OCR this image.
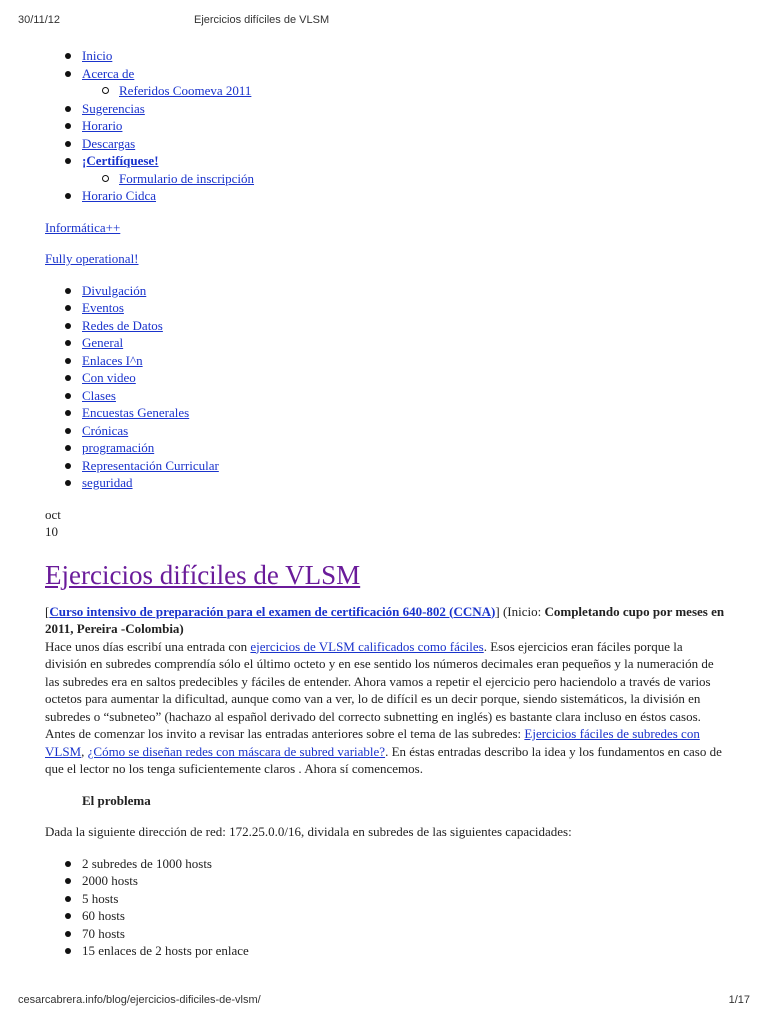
30/11/12	Ejercicios difíciles de VLSM
Inicio
Acerca de
Referidos Coomeva 2011
Sugerencias
Horario
Descargas
¡Certifíquese!
Formulario de inscripción
Horario Cidca
Informática++
Fully operational!
Divulgación
Eventos
Redes de Datos
General
Enlaces I^n
Con video
Clases
Encuestas Generales
Crónicas
programación
Representación Curricular
seguridad
oct
10
Ejercicios difíciles de VLSM

[Curso intensivo de preparación para el examen de certificación 640-802 (CCNA)] (Inicio: Completando cupo por meses en 2011, Pereira -Colombia)

Hace unos días escribí una entrada con ejercicios de VLSM calificados como fáciles. Esos ejercicios eran fáciles porque la división en subredes comprendía sólo el último octeto y en ese sentido los números decimales eran pequeños y la numeración de las subredes era en saltos predecibles y fáciles de entender. Ahora vamos a repetir el ejercicio pero haciendolo a través de varios octetos para aumentar la dificultad, aunque como van a ver, lo de difícil es un decir porque, siendo sistemáticos, la división en subredes o “subneteo” (hachazo al español derivado del correcto subnetting en inglés) es bastante clara incluso en éstos casos. Antes de comenzar los invito a revisar las entradas anteriores sobre el tema de las subredes: Ejercicios fáciles de subredes con VLSM, ¿Cómo se diseñan redes con máscara de subred variable?. En éstas entradas describo la idea y los fundamentos en caso de que el lector no los tenga suficientemente claros . Ahora sí comencemos.

El problema

Dada la siguiente dirección de red: 172.25.0.0/16, dividala en subredes de las siguientes capacidades:

2 subredes de 1000 hosts
2000 hosts
5 hosts
60 hosts
70 hosts
15 enlaces de 2 hosts por enlace
cesarcabrera.info/blog/ejercicios-dificiles-de-vlsm/	1/17
